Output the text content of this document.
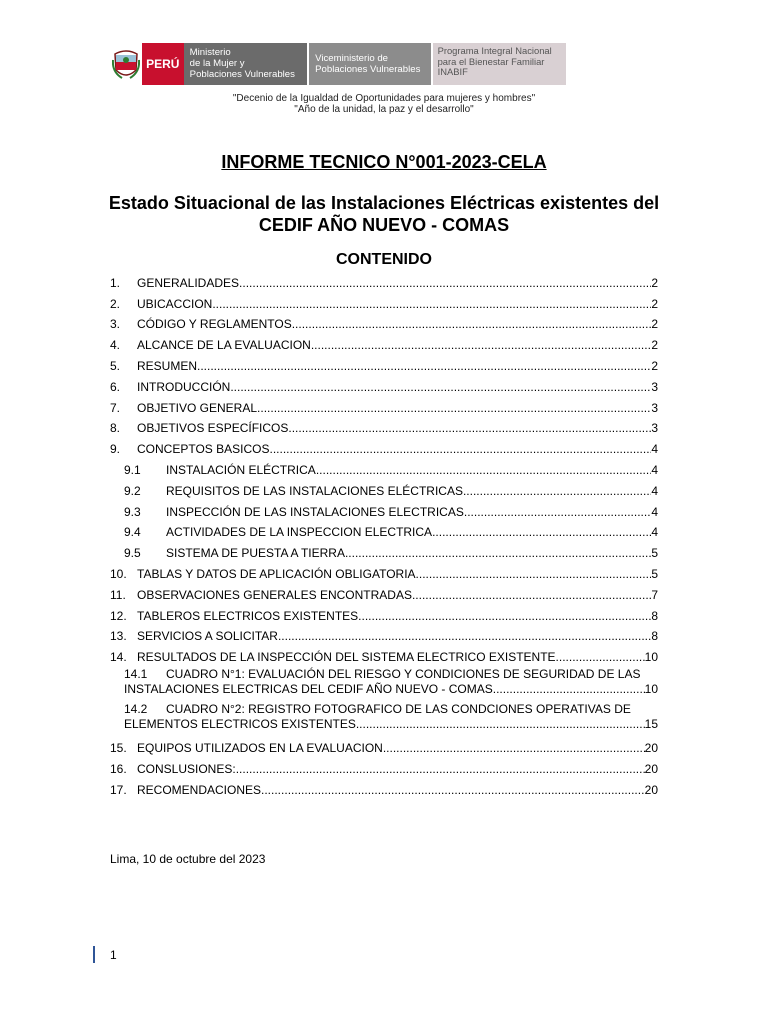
PERÚ
Ministerio
de la Mujer y
Poblaciones Vulnerables
Viceministerio de
Poblaciones Vulnerables
Programa Integral Nacional
para el Bienestar Familiar
INABIF
"Decenio de la Igualdad de Oportunidades para mujeres y hombres"
"Año de la unidad, la paz y el desarrollo"
INFORME TECNICO N°001-2023-CELA
Estado Situacional de las Instalaciones Eléctricas existentes del
CEDIF AÑO NUEVO - COMAS
CONTENIDO
1.	GENERALIDADES .....	2
2.	UBICACCION .....	2
3.	CÓDIGO Y REGLAMENTOS .....	2
4.	ALCANCE DE LA EVALUACION .....	2
5.	RESUMEN .....	2
6.	INTRODUCCIÓN .....	3
7.	OBJETIVO GENERAL .....	3
8.	OBJETIVOS ESPECÍFICOS .....	3
9.	CONCEPTOS BASICOS .....	4
9.1	INSTALACIÓN ELÉCTRICA .....	4
9.2	REQUISITOS DE LAS INSTALACIONES ELÉCTRICAS .....	4
9.3	INSPECCIÓN DE LAS INSTALACIONES ELECTRICAS .....	4
9.4	ACTIVIDADES DE LA INSPECCION ELECTRICA .....	4
9.5	SISTEMA DE PUESTA A TIERRA .....	5
10. TABLAS Y DATOS DE APLICACIÓN OBLIGATORIA .....	5
11. OBSERVACIONES GENERALES ENCONTRADAS .....	7
12. TABLEROS ELECTRICOS EXISTENTES .....	8
13. SERVICIOS A SOLICITAR .....	8
14. RESULTADOS DE LA INSPECCIÓN DEL SISTEMA ELECTRICO EXISTENTE .....	10
14.1 CUADRO N°1: EVALUACIÓN DEL RIESGO Y CONDICIONES DE SEGURIDAD DE LAS
INSTALACIONES ELECTRICAS DEL CEDIF AÑO NUEVO - COMAS .....	10
14.2 CUADRO N°2: REGISTRO FOTOGRAFICO DE LAS CONDCIONES OPERATIVAS DE
ELEMENTOS ELECTRICOS EXISTENTES .....	15
15. EQUIPOS UTILIZADOS EN LA EVALUACION .....	20
16. CONSLUSIONES: .....	20
17. RECOMENDACIONES .....	20
Lima, 10 de octubre del 2023
1
